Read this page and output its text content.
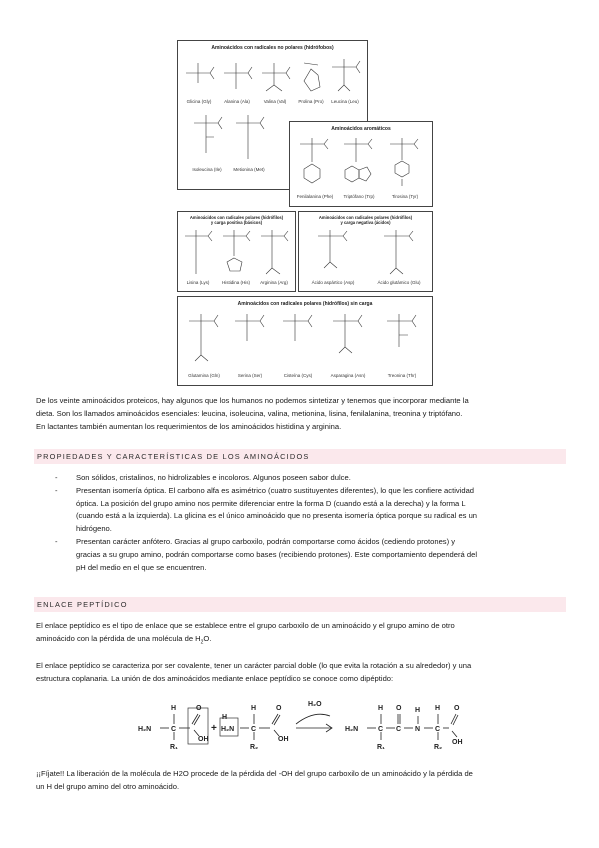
Aminoácidos con radicales no polares (hidrófobos)
Glicina (Gly)	Alanina (Ala)	Valina (Val)	Prolina (Pro)	Leucina (Leu)
Isoleucina (Ile)	Metionina (Met)
Aminoácidos aromáticos
Fenilalanina (Phe)	Triptófano (Trp)	Tirosina (Tyr)
Aminoácidos con radicales polares (hidrófilos)
y carga positiva (básicos)
Lisina (Lys)	Histidina (His)	Arginina (Arg)
Aminoácidos con radicales polares (hidrófilos)
y carga negativa (ácidos)
Ácido aspártico (Asp)	Ácido glutámico (Glu)
Aminoácidos con radicales polares (hidrófilos) sin carga
Glutamina (Gln)	Serina (Ser)	Cisteína (Cys)	Asparagina (Asn)	Treonina (Thr)
De los veinte aminoácidos proteicos, hay algunos que los humanos no podemos sintetizar y tenemos que incorporar mediante la
dieta. Son los llamados aminoácidos esenciales: leucina, isoleucina, valina, metionina, lisina, fenilalanina, treonina y triptófano.
En lactantes también aumentan los requerimientos de los aminoácidos histidina y arginina.
PROPIEDADES Y CARACTERÍSTICAS DE LOS AMINOÁCIDOS
- Son sólidos, cristalinos, no hidrolizables e incoloros. Algunos poseen sabor dulce.
- Presentan isomería óptica. El carbono alfa es asimétrico (cuatro sustituyentes diferentes), lo que les confiere actividad
óptica. La posición del grupo amino nos permite diferenciar entre la forma D (cuando está a la derecha) y la forma L
(cuando está a la izquierda). La glicina es el único aminoácido que no presenta isomería óptica porque su radical es un
hidrógeno.
- Presentan carácter anfótero. Gracias al grupo carboxilo, podrán comportarse como ácidos (cediendo protones) y
gracias a su grupo amino, podrán comportarse como bases (recibiendo protones). Este comportamiento dependerá del
pH del medio en el que se encuentren.
ENLACE PEPTÍDICO
El enlace peptídico es el tipo de enlace que se establece entre el grupo carboxilo de un aminoácido y el grupo amino de otro
aminoácido con la pérdida de una molécula de $H_2O$.
El enlace peptídico se caracteriza por ser covalente, tener un carácter parcial doble (lo que evita la rotación a su alrededor) y una
estructura coplanaria. La unión de dos aminoácidos mediante enlace peptídico se conoce como dipéptido:
H
H₂N	C
R₁
O
OH
+
H
H₂N
H
C
R₂
O
OH
H₂O
H
H₂N	C
R₁
O
C
H
N
H
C
R₂
O
OH
¡¡Fíjate!! La liberación de la molécula de H2O procede de la pérdida del -OH del grupo carboxilo de un aminoácido y la pérdida de
un H del grupo amino del otro aminoácido.
